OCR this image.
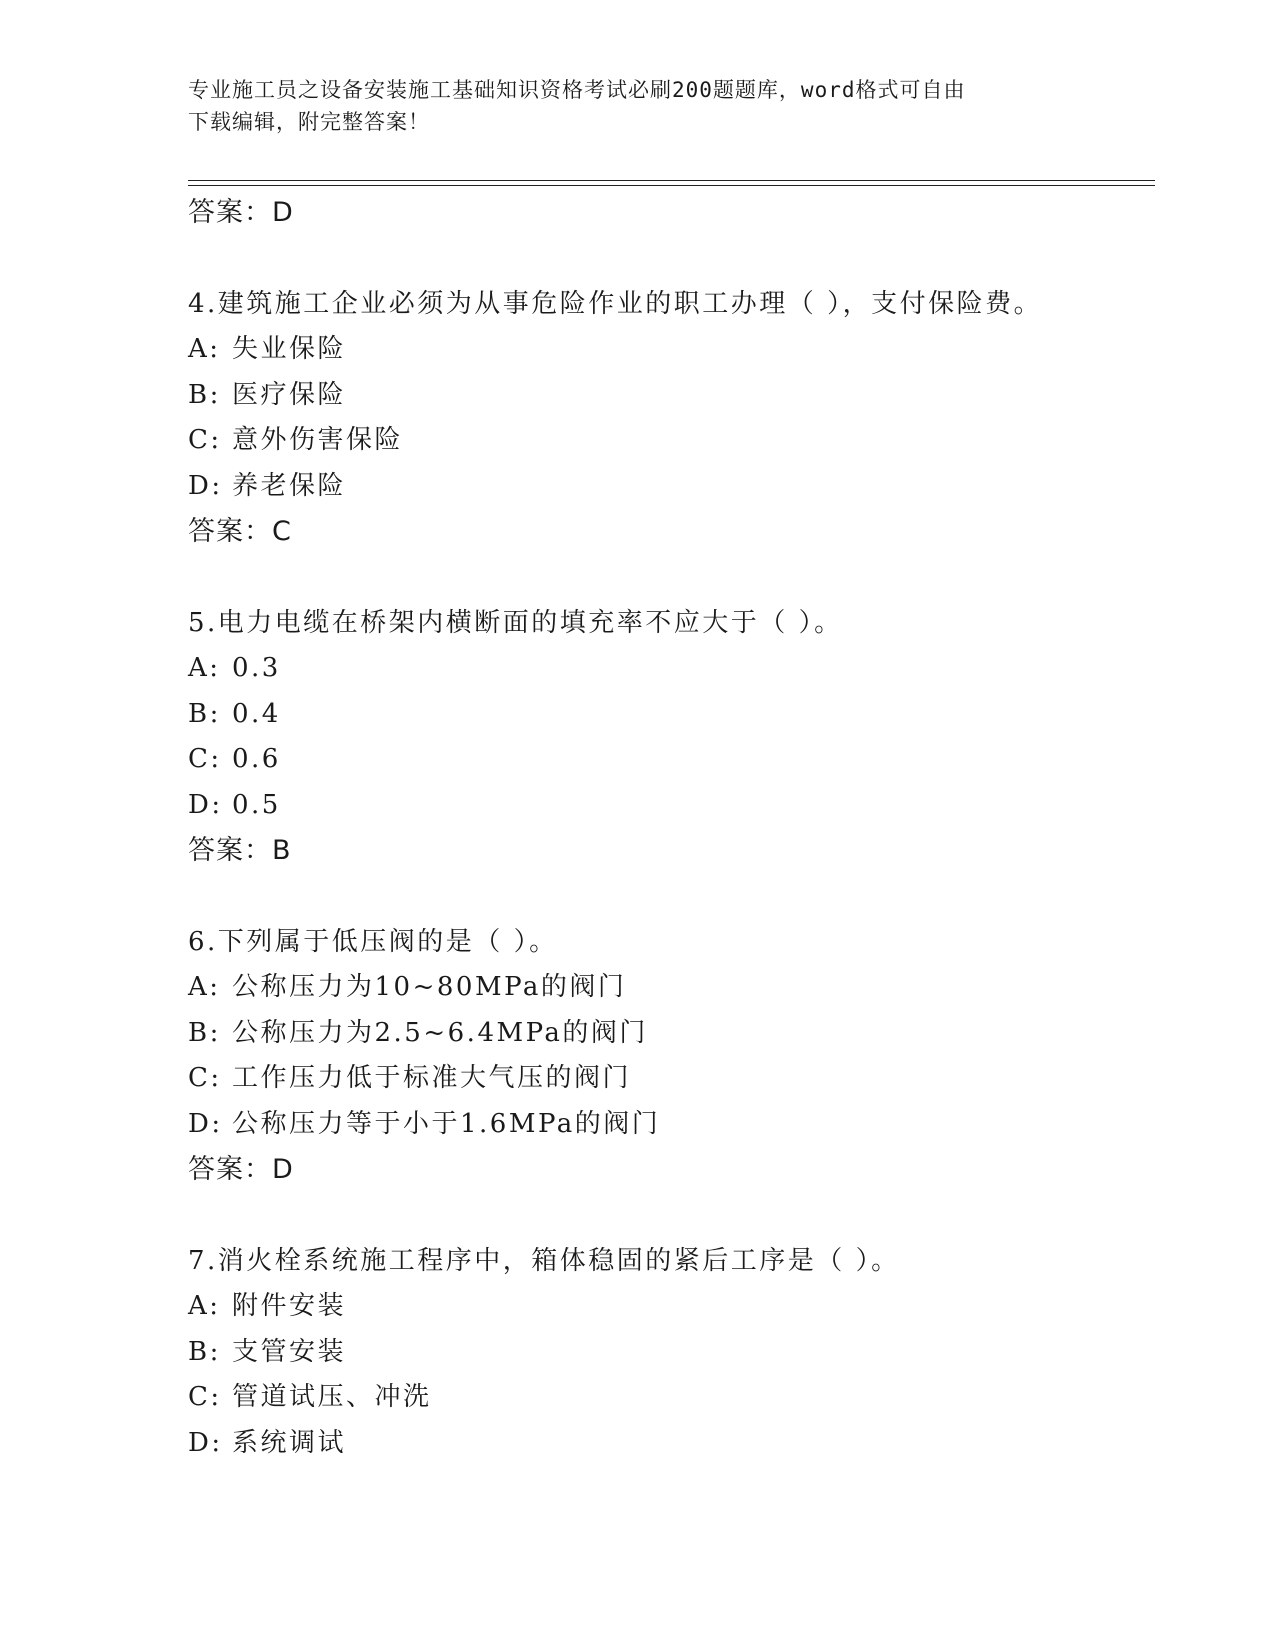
专业施工员之设备安装施工基础知识资格考试必刷200题题库，word格式可自由
下载编辑，附完整答案！
答案：D
4.建筑施工企业必须为从事危险作业的职工办理（ ），支付保险费。
A: 失业保险
B: 医疗保险
C: 意外伤害保险
D: 养老保险
答案：C
5.电力电缆在桥架内横断面的填充率不应大于（ ）。
A: 0.3
B: 0.4
C: 0.6
D: 0.5
答案：B
6.下列属于低压阀的是（ ）。
A: 公称压力为10~80MPa的阀门
B: 公称压力为2.5~6.4MPa的阀门
C: 工作压力低于标准大气压的阀门
D: 公称压力等于小于1.6MPa的阀门
答案：D
7.消火栓系统施工程序中，箱体稳固的紧后工序是（ ）。
A: 附件安装
B: 支管安装
C: 管道试压、冲洗
D: 系统调试
